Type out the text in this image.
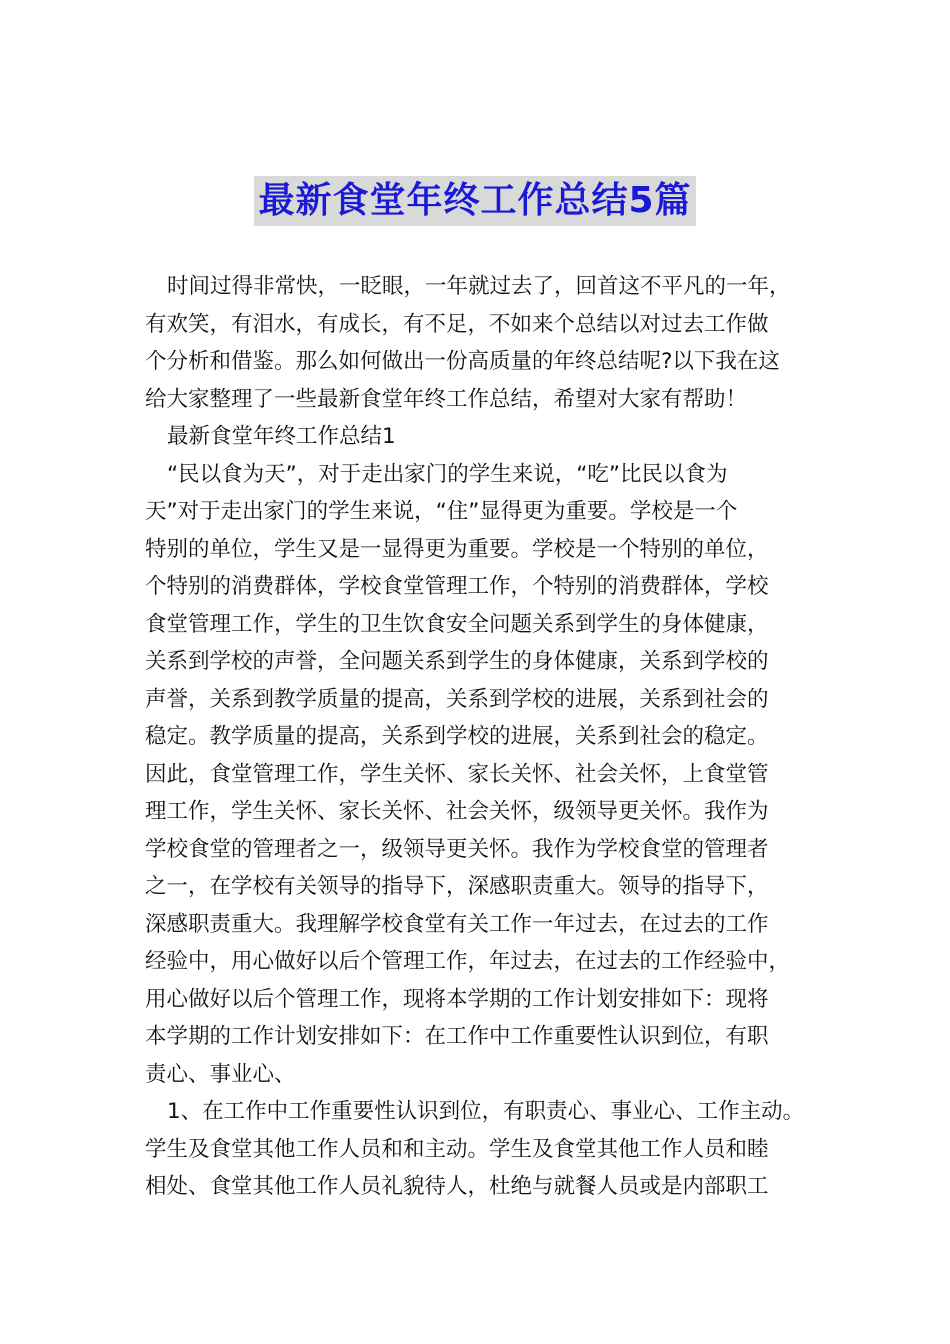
最新食堂年终工作总结5篇
时间过得非常快，一眨眼，一年就过去了，回首这不平凡的一年，
有欢笑，有泪水，有成长，有不足，不如来个总结以对过去工作做
个分析和借鉴。那么如何做出一份高质量的年终总结呢?以下我在这
给大家整理了一些最新食堂年终工作总结，希望对大家有帮助！
最新食堂年终工作总结1
“民以食为天”，对于走出家门的学生来说，“吃”比民以食为
天”对于走出家门的学生来说，“住”显得更为重要。学校是一个
特别的单位，学生又是一显得更为重要。学校是一个特别的单位，
个特别的消费群体，学校食堂管理工作，个特别的消费群体，学校
食堂管理工作，学生的卫生饮食安全问题关系到学生的身体健康，
关系到学校的声誉，全问题关系到学生的身体健康，关系到学校的
声誉，关系到教学质量的提高，关系到学校的进展，关系到社会的
稳定。教学质量的提高，关系到学校的进展，关系到社会的稳定。
因此，食堂管理工作，学生关怀、家长关怀、社会关怀，上食堂管
理工作，学生关怀、家长关怀、社会关怀，级领导更关怀。我作为
学校食堂的管理者之一，级领导更关怀。我作为学校食堂的管理者
之一，在学校有关领导的指导下，深感职责重大。领导的指导下，
深感职责重大。我理解学校食堂有关工作一年过去，在过去的工作
经验中，用心做好以后个管理工作，年过去，在过去的工作经验中，
用心做好以后个管理工作，现将本学期的工作计划安排如下：现将
本学期的工作计划安排如下：在工作中工作重要性认识到位，有职
责心、事业心、
1、在工作中工作重要性认识到位，有职责心、事业心、工作主动。
学生及食堂其他工作人员和和主动。学生及食堂其他工作人员和睦
相处、食堂其他工作人员礼貌待人，杜绝与就餐人员或是内部职工
